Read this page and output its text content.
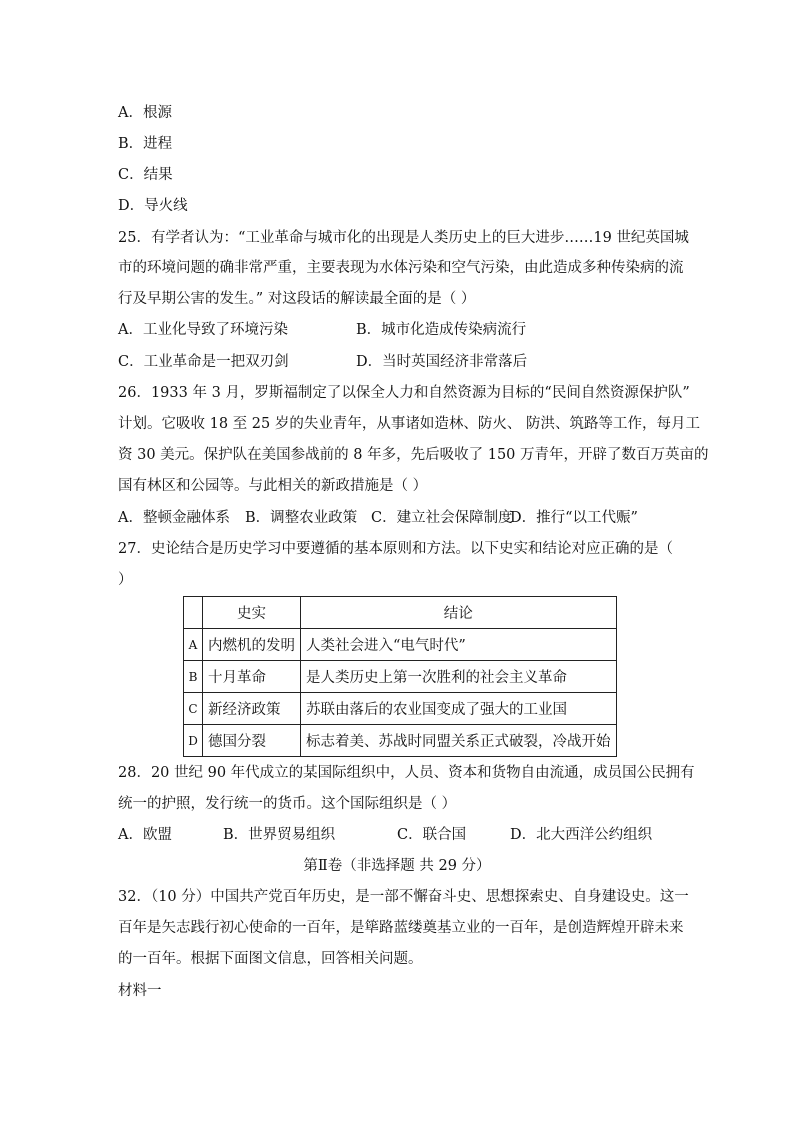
A．根源
B．进程
C．结果
D．导火线
25．有学者认为：“工业革命与城市化的出现是人类历史上的巨大进步……19 世纪英国城
市的环境问题的确非常严重，主要表现为水体污染和空气污染，由此造成多种传染病的流
行及早期公害的发生。” 对这段话的解读最全面的是（ ）
A．工业化导致了环境污染	B．城市化造成传染病流行
C．工业革命是一把双刃剑	D．当时英国经济非常落后
26．1933 年 3 月，罗斯福制定了以保全人力和自然资源为目标的“民间自然资源保护队”
计划。它吸收 18 至 25 岁的失业青年，从事诸如造林、防火、 防洪、筑路等工作，每月工
资 30 美元。保护队在美国参战前的 8 年多，先后吸收了 150 万青年，开辟了数百万英亩的
国有林区和公园等。与此相关的新政措施是（ ）
A．整顿金融体系 B．调整农业政策 C．建立社会保障制度
D．推行“以工代赈”
27．史论结合是历史学习中要遵循的基本原则和方法。以下史实和结论对应正确的是（
）
	史实	结论
A	内燃机的发明	人类社会进入“电气时代”
B	十月革命	是人类历史上第一次胜利的社会主义革命
C	新经济政策	苏联由落后的农业国变成了强大的工业国
D	德国分裂	标志着美、苏战时同盟关系正式破裂，冷战开始
28．20 世纪 90 年代成立的某国际组织中，人员、资本和货物自由流通，成员国公民拥有
统一的护照，发行统一的货币。这个国际组织是（ ）
A．欧盟	B．世界贸易组织	C．联合国	D．北大西洋公约组织
第Ⅱ卷（非选择题 共 29 分）
32．（10 分）中国共产党百年历史，是一部不懈奋斗史、思想探索史、自身建设史。这一
百年是矢志践行初心使命的一百年，是筚路蓝缕奠基立业的一百年，是创造辉煌开辟未来
的一百年。根据下面图文信息，回答相关问题。
材料一
